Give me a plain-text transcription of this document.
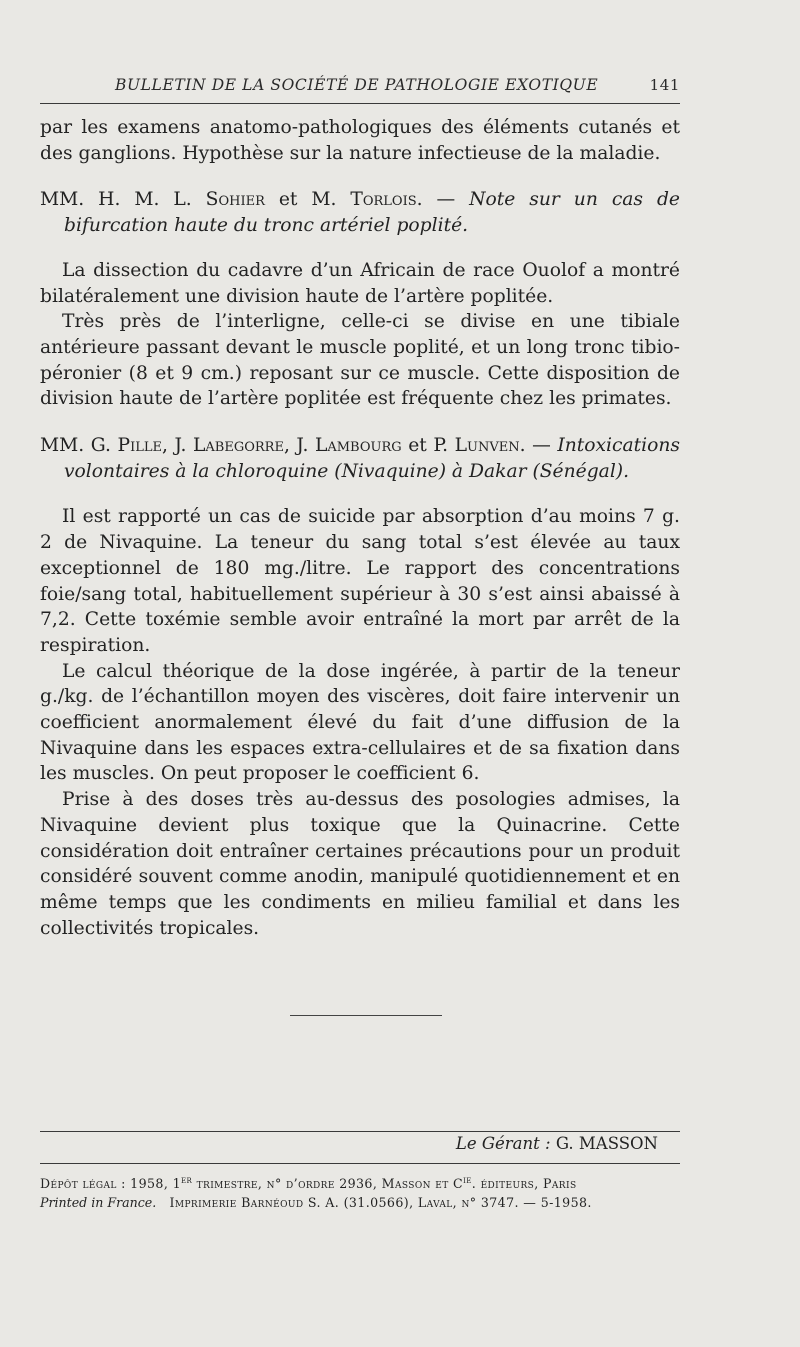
BULLETIN DE LA SOCIÉTÉ DE PATHOLOGIE EXOTIQUE	141

par les examens anatomo-pathologiques des éléments cutanés et des ganglions. Hypothèse sur la nature infectieuse de la maladie.

MM. H. M. L. Sohier et M. Torlois. — Note sur un cas de bifurcation haute du tronc artériel poplité.

La dissection du cadavre d’un Africain de race Ouolof a montré bilatéralement une division haute de l’artère poplitée.

Très près de l’interligne, celle-ci se divise en une tibiale antérieure passant devant le muscle poplité, et un long tronc tibio-péronier (8 et 9 cm.) reposant sur ce muscle. Cette disposition de division haute de l’artère poplitée est fréquente chez les primates.

MM. G. Pille, J. Labegorre, J. Lambourg et P. Lunven. — Intoxications volontaires à la chloroquine (Nivaquine) à Dakar (Sénégal).

Il est rapporté un cas de suicide par absorption d’au moins 7 g. 2 de Nivaquine. La teneur du sang total s’est élevée au taux exceptionnel de 180 mg./litre. Le rapport des concentrations foie/sang total, habituellement supérieur à 30 s’est ainsi abaissé à 7,2. Cette toxémie semble avoir entraîné la mort par arrêt de la respiration.

Le calcul théorique de la dose ingérée, à partir de la teneur g./kg. de l’échantillon moyen des viscères, doit faire intervenir un coefficient anormalement élevé du fait d’une diffusion de la Nivaquine dans les espaces extra-cellulaires et de sa fixation dans les muscles. On peut proposer le coefficient 6.

Prise à des doses très au-dessus des posologies admises, la Nivaquine devient plus toxique que la Quinacrine. Cette considération doit entraîner certaines précautions pour un produit considéré souvent comme anodin, manipulé quotidiennement et en même temps que les condiments en milieu familial et dans les collectivités tropicales.

Le Gérant : G. MASSON
Dépôt légal : 1958, 1er trimestre, n° d’ordre 2936, Masson et $C^{ie}$. éditeurs, Paris
Printed in France.   Imprimerie Barnéoud S. A. (31.0566), Laval, n° 3747. — 5-1958.
